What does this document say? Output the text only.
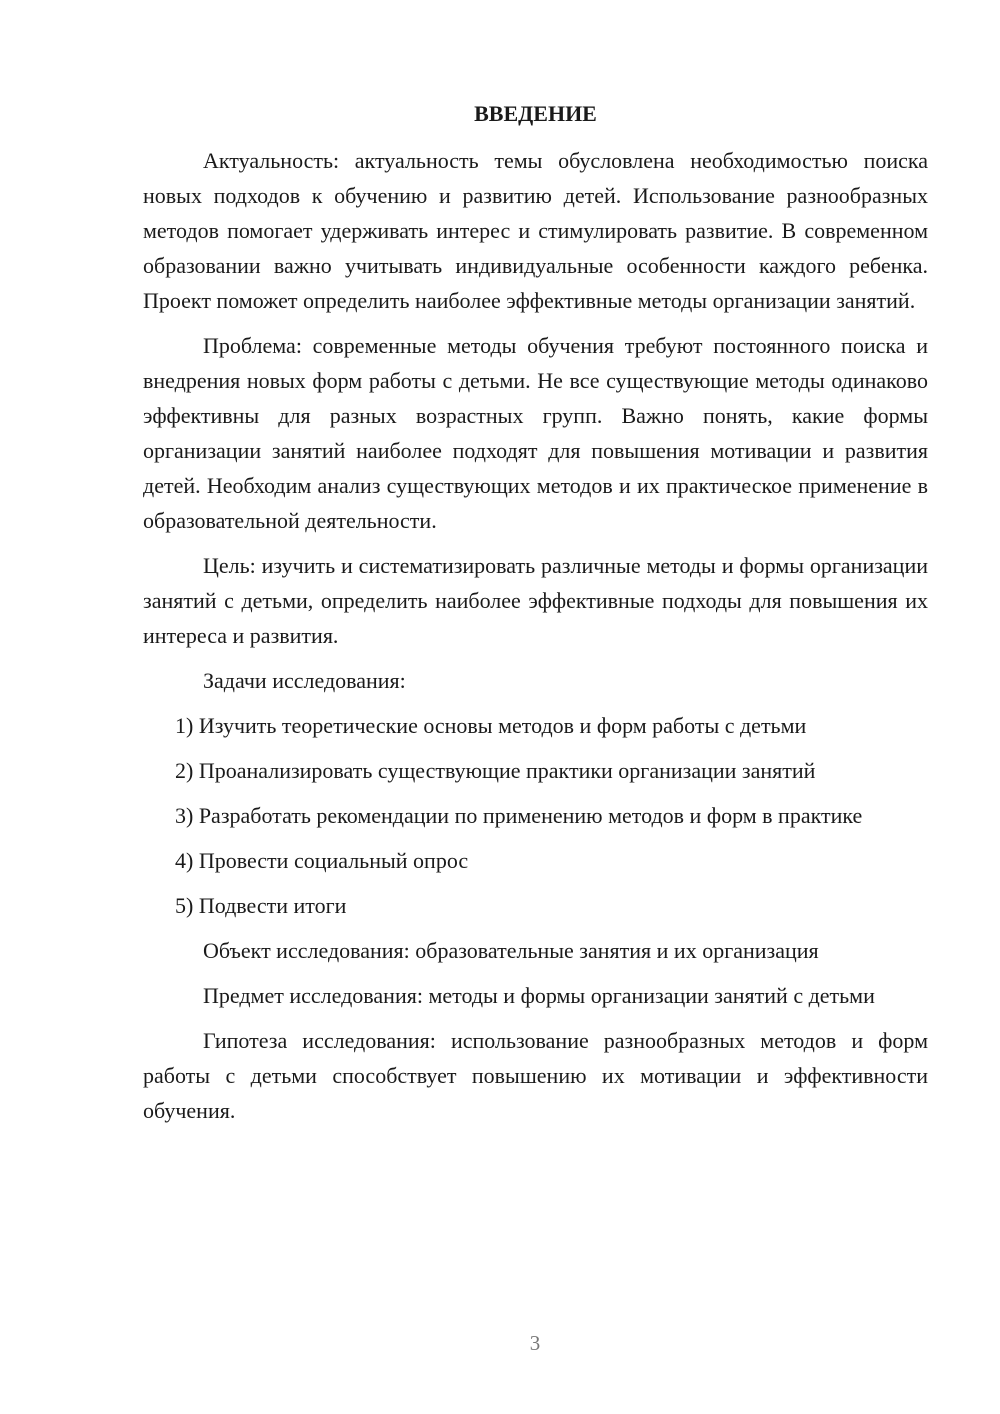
ВВЕДЕНИЕ

Актуальность: актуальность темы обусловлена необходимостью поиска новых подходов к обучению и развитию детей. Использование разнообразных методов помогает удерживать интерес и стимулировать развитие. В современном образовании важно учитывать индивидуальные особенности каждого ребенка. Проект поможет определить наиболее эффективные методы организации занятий.

Проблема: современные методы обучения требуют постоянного поиска и внедрения новых форм работы с детьми. Не все существующие методы одинаково эффективны для разных возрастных групп. Важно понять, какие формы организации занятий наиболее подходят для повышения мотивации и развития детей. Необходим анализ существующих методов и их практическое применение в образовательной деятельности.

Цель: изучить и систематизировать различные методы и формы организации занятий с детьми, определить наиболее эффективные подходы для повышения их интереса и развития.

Задачи исследования:

1) Изучить теоретические основы методов и форм работы с детьми

2) Проанализировать существующие практики организации занятий

3) Разработать рекомендации по применению методов и форм в практике

4) Провести социальный опрос

5) Подвести итоги

Объект исследования: образовательные занятия и их организация

Предмет исследования: методы и формы организации занятий с детьми

Гипотеза исследования: использование разнообразных методов и форм работы с детьми способствует повышению их мотивации и эффективности обучения.

3
